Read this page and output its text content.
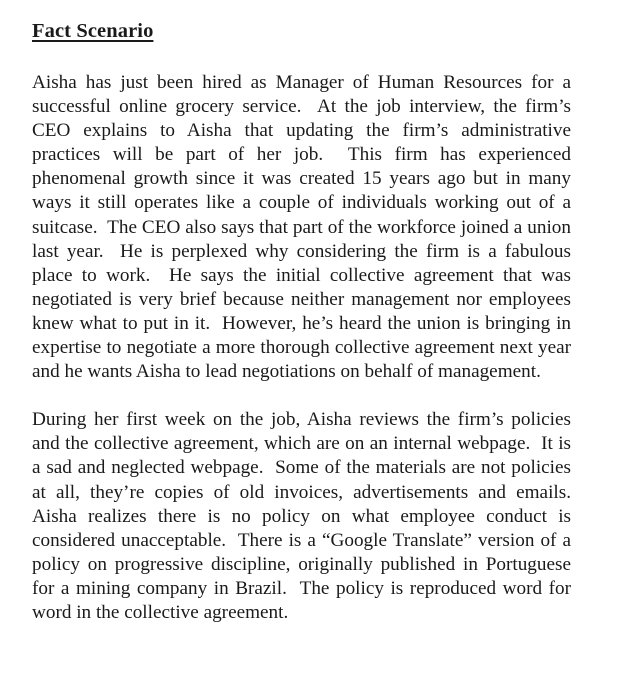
Fact Scenario

Aisha has just been hired as Manager of Human Resources for a successful online grocery service.  At the job interview, the firm’s CEO explains to Aisha that updating the firm’s administrative practices will be part of her job.  This firm has experienced phenomenal growth since it was created 15 years ago but in many ways it still operates like a couple of individuals working out of a suitcase.  The CEO also says that part of the workforce joined a union last year.  He is perplexed why considering the firm is a fabulous place to work.  He says the initial collective agreement that was negotiated is very brief because neither management nor employees knew what to put in it.  However, he’s heard the union is bringing in expertise to negotiate a more thorough collective agreement next year and he wants Aisha to lead negotiations on behalf of management.

During her first week on the job, Aisha reviews the firm’s policies and the collective agreement, which are on an internal webpage.  It is a sad and neglected webpage.  Some of the materials are not policies at all, they’re copies of old invoices, advertisements and emails.  Aisha realizes there is no policy on what employee conduct is considered unacceptable.  There is a “Google Translate” version of a policy on progressive discipline, originally published in Portuguese for a mining company in Brazil.  The policy is reproduced word for word in the collective agreement.
